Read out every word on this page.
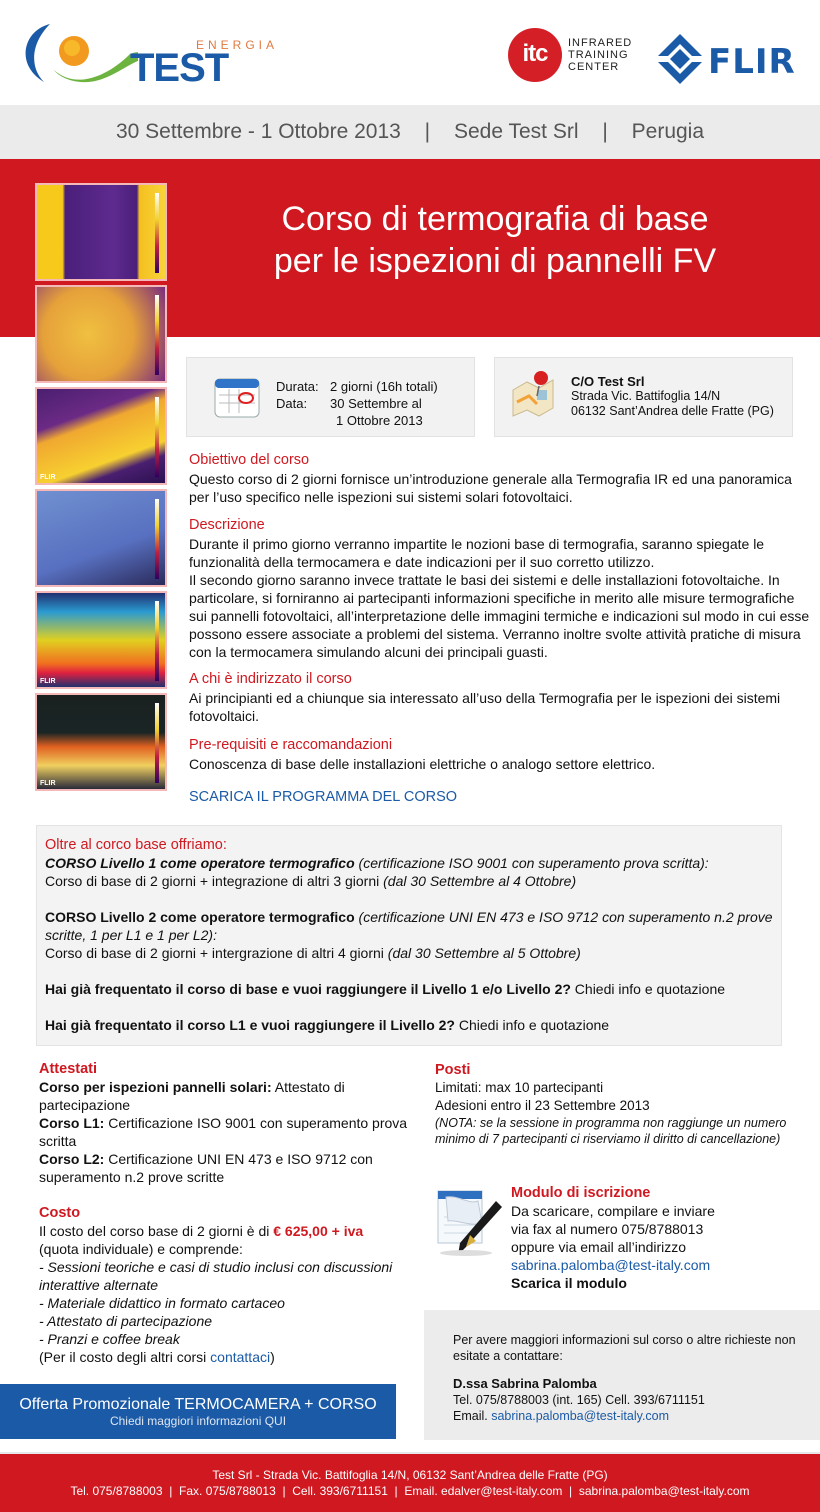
ENERGIA
TEST	itc	INFRARED
TRAINING
CENTER	FLIR
30 Settembre - 1 Ottobre 2013 | Sede Test Srl | Perugia
Corso di termografia di base
per le ispezioni di pannelli FV
FLIR
FLIR
FLIR
Durata: 2 giorni (16h totali)
Data: 30 Settembre al
1 Ottobre 2013
C/O Test Srl
Strada Vic. Battifoglia 14/N
06132 Sant’Andrea delle Fratte (PG)
Obiettivo del corso

Questo corso di 2 giorni fornisce un’introduzione generale alla Termografia IR ed una panoramica per l’uso specifico nelle ispezioni sui sistemi solari fotovoltaici.

Descrizione

Durante il primo giorno verranno impartite le nozioni base di termografia, saranno spiegate le funzionalità della termocamera e date indicazioni per il suo corretto utilizzo.

Il secondo giorno saranno invece trattate le basi dei sistemi e delle installazioni fotovoltaiche. In particolare, si forniranno ai partecipanti informazioni specifiche in merito alle misure termografiche sui pannelli fotovoltaici, all’interpretazione delle immagini termiche e indicazioni sul modo in cui esse possono essere associate a problemi del sistema. Verranno inoltre svolte attività pratiche di misura con la termocamera simulando alcuni dei principali guasti.

A chi è indirizzato il corso

Ai principianti ed a chiunque sia interessato all’uso della Termografia per le ispezioni dei sistemi fotovoltaici.

Pre-requisiti e raccomandazioni

Conoscenza di base delle installazioni elettriche o analogo settore elettrico.

SCARICA IL PROGRAMMA DEL CORSO
Oltre al corco base offriamo:

CORSO Livello 1 come operatore termografico (certificazione ISO 9001 con superamento prova scritta):
Corso di base di 2 giorni + integrazione di altri 3 giorni (dal 30 Settembre al 4 Ottobre)

CORSO Livello 2 come operatore termografico (certificazione UNI EN 473 e ISO 9712 con superamento n.2 prove scritte, 1 per L1 e 1 per L2):
Corso di base di 2 giorni + intergrazione di altri 4 giorni (dal 30 Settembre al 5 Ottobre)

Hai già frequentato il corso di base e vuoi raggiungere il Livello 1 e/o Livello 2? Chiedi info e quotazione

Hai già frequentato il corso L1 e vuoi raggiungere il Livello 2? Chiedi info e quotazione

Attestati
Corso per ispezioni pannelli solari: Attestato di partecipazione
Corso L1: Certificazione ISO 9001 con superamento prova scritta
Corso L2: Certificazione UNI EN 473 e ISO 9712 con superamento n.2 prove scritte
Costo
Il costo del corso base di 2 giorni è di € 625,00 + iva
(quota individuale) e comprende:
- Sessioni teoriche e casi di studio inclusi con discussioni interattive alternate
- Materiale didattico in formato cartaceo
- Attestato di partecipazione
- Pranzi e coffee break
(Per il costo degli altri corsi contattaci)
Posti
Limitati: max 10 partecipanti
Adesioni entro il 23 Settembre 2013
(NOTA: se la sessione in programma non raggiunge un numero minimo di 7 partecipanti ci riserviamo il diritto di cancellazione)
Modulo di iscrizione
Da scaricare, compilare e inviare
via fax al numero 075/8788013
oppure via email all’indirizzo
sabrina.palomba@test-italy.com
Scarica il modulo
Per avere maggiori informazioni sul corso o altre richieste non esitate a contattare:
D.ssa Sabrina Palomba
Tel. 075/8788003 (int. 165) Cell. 393/6711151
Email. sabrina.palomba@test-italy.com
Offerta Promozionale TERMOCAMERA + CORSO
Chiedi maggiori informazioni QUI
Test Srl - Strada Vic. Battifoglia 14/N, 06132 Sant’Andrea delle Fratte (PG)
Tel. 075/8788003 | Fax. 075/8788013 | Cell. 393/6711151 | Email. edalver@test-italy.com | sabrina.palomba@test-italy.com
